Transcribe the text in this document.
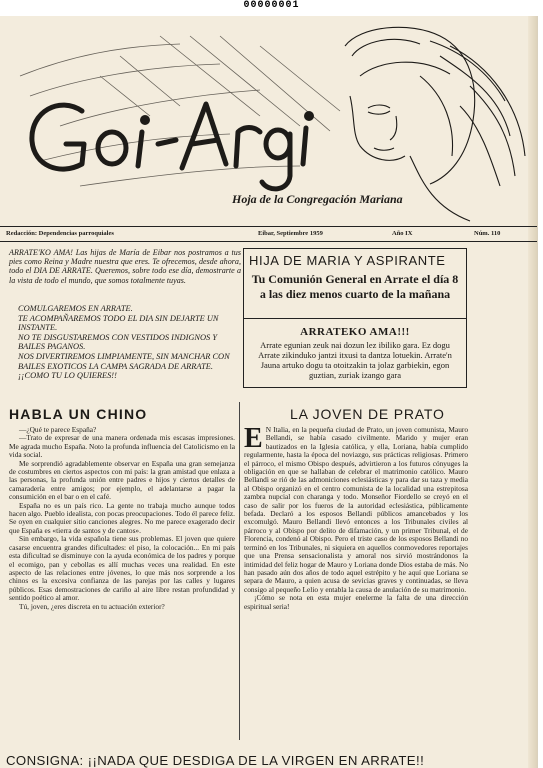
00000001
Hoja de la Congregación Mariana
Redacción: Dependencias parroquiales	Eibar, Septiembre 1959	Año IX	Núm. 110
ARRATE'KO AMA! Las hijas de María de Eibar nos postramos a tus pies como Reina y Madre nuestra que eres. Te ofrecemos, desde ahora, todo el DIA DE ARRATE. Queremos, sobre todo ese día, demostrarte a la vista de todo el mundo, que somos totalmente tuyas.
COMULGAREMOS EN ARRATE.
TE ACOMPAÑAREMOS TODO EL DIA SIN DEJARTE UN INSTANTE.
NO TE DISGUSTAREMOS CON VESTIDOS INDIGNOS Y BAILES PAGANOS.
NOS DIVERTIREMOS LIMPIAMENTE, SIN MANCHAR CON BAILES EXOTICOS LA CAMPA SAGRADA DE ARRATE.
¡¡COMO TU LO QUIERES!!
HIJA DE MARIA Y ASPIRANTE
Tu Comunión General en Arrate el día 8 a las diez menos cuarto de la mañana
ARRATEKO AMA!!!
Arrate egunian zeuk nai dozun lez ibiliko gara. Ez dogu Arrate zikinduko jantzi itxusi ta dantza lotuekin. Arrate'n Jauna artuko dogu ta otoitzakin ta jolaz garbiekin, egon guztian, zuriak izango gara
HABLA UN CHINO	LA JOVEN DE PRATO

—¿Qué te parece España?

—Trato de expresar de una manera ordenada mis escasas impresiones. Me agrada mucho España. Noto la profunda influencia del Catolicismo en la vida social.

Me sorprendió agradablemente observar en España una gran semejanza de costumbres en ciertos aspectos con mi país: la gran amistad que enlaza a las personas, la profunda unión entre padres e hijos y ciertos detalles de camaradería entre amigos; por ejemplo, el adelantarse a pagar la consumición en el bar o en el café.

España no es un país rico. La gente no trabaja mucho aunque todos hacen algo. Pueblo idealista, con pocas preocupaciones. Todo él parece feliz. Se oyen en cualquier sitio canciones alegres. No me parece exagerado decir que España es «tierra de santos y de cantos».

Sin embargo, la vida española tiene sus problemas. El joven que quiere casarse encuentra grandes dificultades: el piso, la colocación... En mi país esta dificultad se disminuye con la ayuda económica de los padres y porque el ecomigo, pan y cebollas es allí muchas veces una realidad. En este aspecto de las relaciones entre jóvenes, lo que más nos sorprende a los chinos es la excesiva confianza de las parejas por las calles y lugares públicos. Esas demostraciones de cariño al aire libre restan profundidad y sentido poético al amor.

Tú, joven, ¿eres discreta en tu actuación exterior?

E N Italia, en la pequeña ciudad de Prato, un joven comunista, Mauro Bellandi, se había casado civilmente. Marido y mujer eran bautizados en la Iglesia católica, y ella, Loriana, había cumplido regularmente, hasta la época del noviazgo, sus prácticas religiosas. Primero el párroco, el mismo Obispo después, advirtieron a los futuros cónyuges la obligación en que se hallaban de celebrar el matrimonio católico. Mauro Bellandi se rió de las admoniciones eclesiásticas y para dar su taza y media al Obispo organizó en el centro comunista de la localidad una estrepitosa zambra nupcial con charanga y todo. Monseñor Fiordello se creyó en el caso de salir por los fueros de la autoridad eclesiástica, públicamente befada. Declaró a los esposos Bellandi públicos amancebados y los excomulgó. Mauro Bellandi llevó entonces a los Tribunales civiles al párroco y al Obispo por delito de difamación, y un primer Tribunal, el de Florencia, condenó al Obispo. Pero el triste caso de los esposos Bellandi no terminó en los Tribunales, ni siquiera en aquellos conmovedores reportajes que una Prensa sensacionalista y amoral nos sirvió mostrándonos la intimidad del feliz hogar de Mauro y Loriana donde Dios estaba de más. No han pasado aún dos años de todo aquel estrépito y he aquí que Loriana se separa de Mauro, a quien acusa de sevicias graves y continuadas, se lleva consigo al pequeño Lelio y entabla la causa de anulación de su matrimonio.

¡Cómo se nota en esta mujer enelerme la falta de una dirección espiritual seria!

CONSIGNA: ¡¡NADA QUE DESDIGA DE LA VIRGEN EN ARRATE!!
